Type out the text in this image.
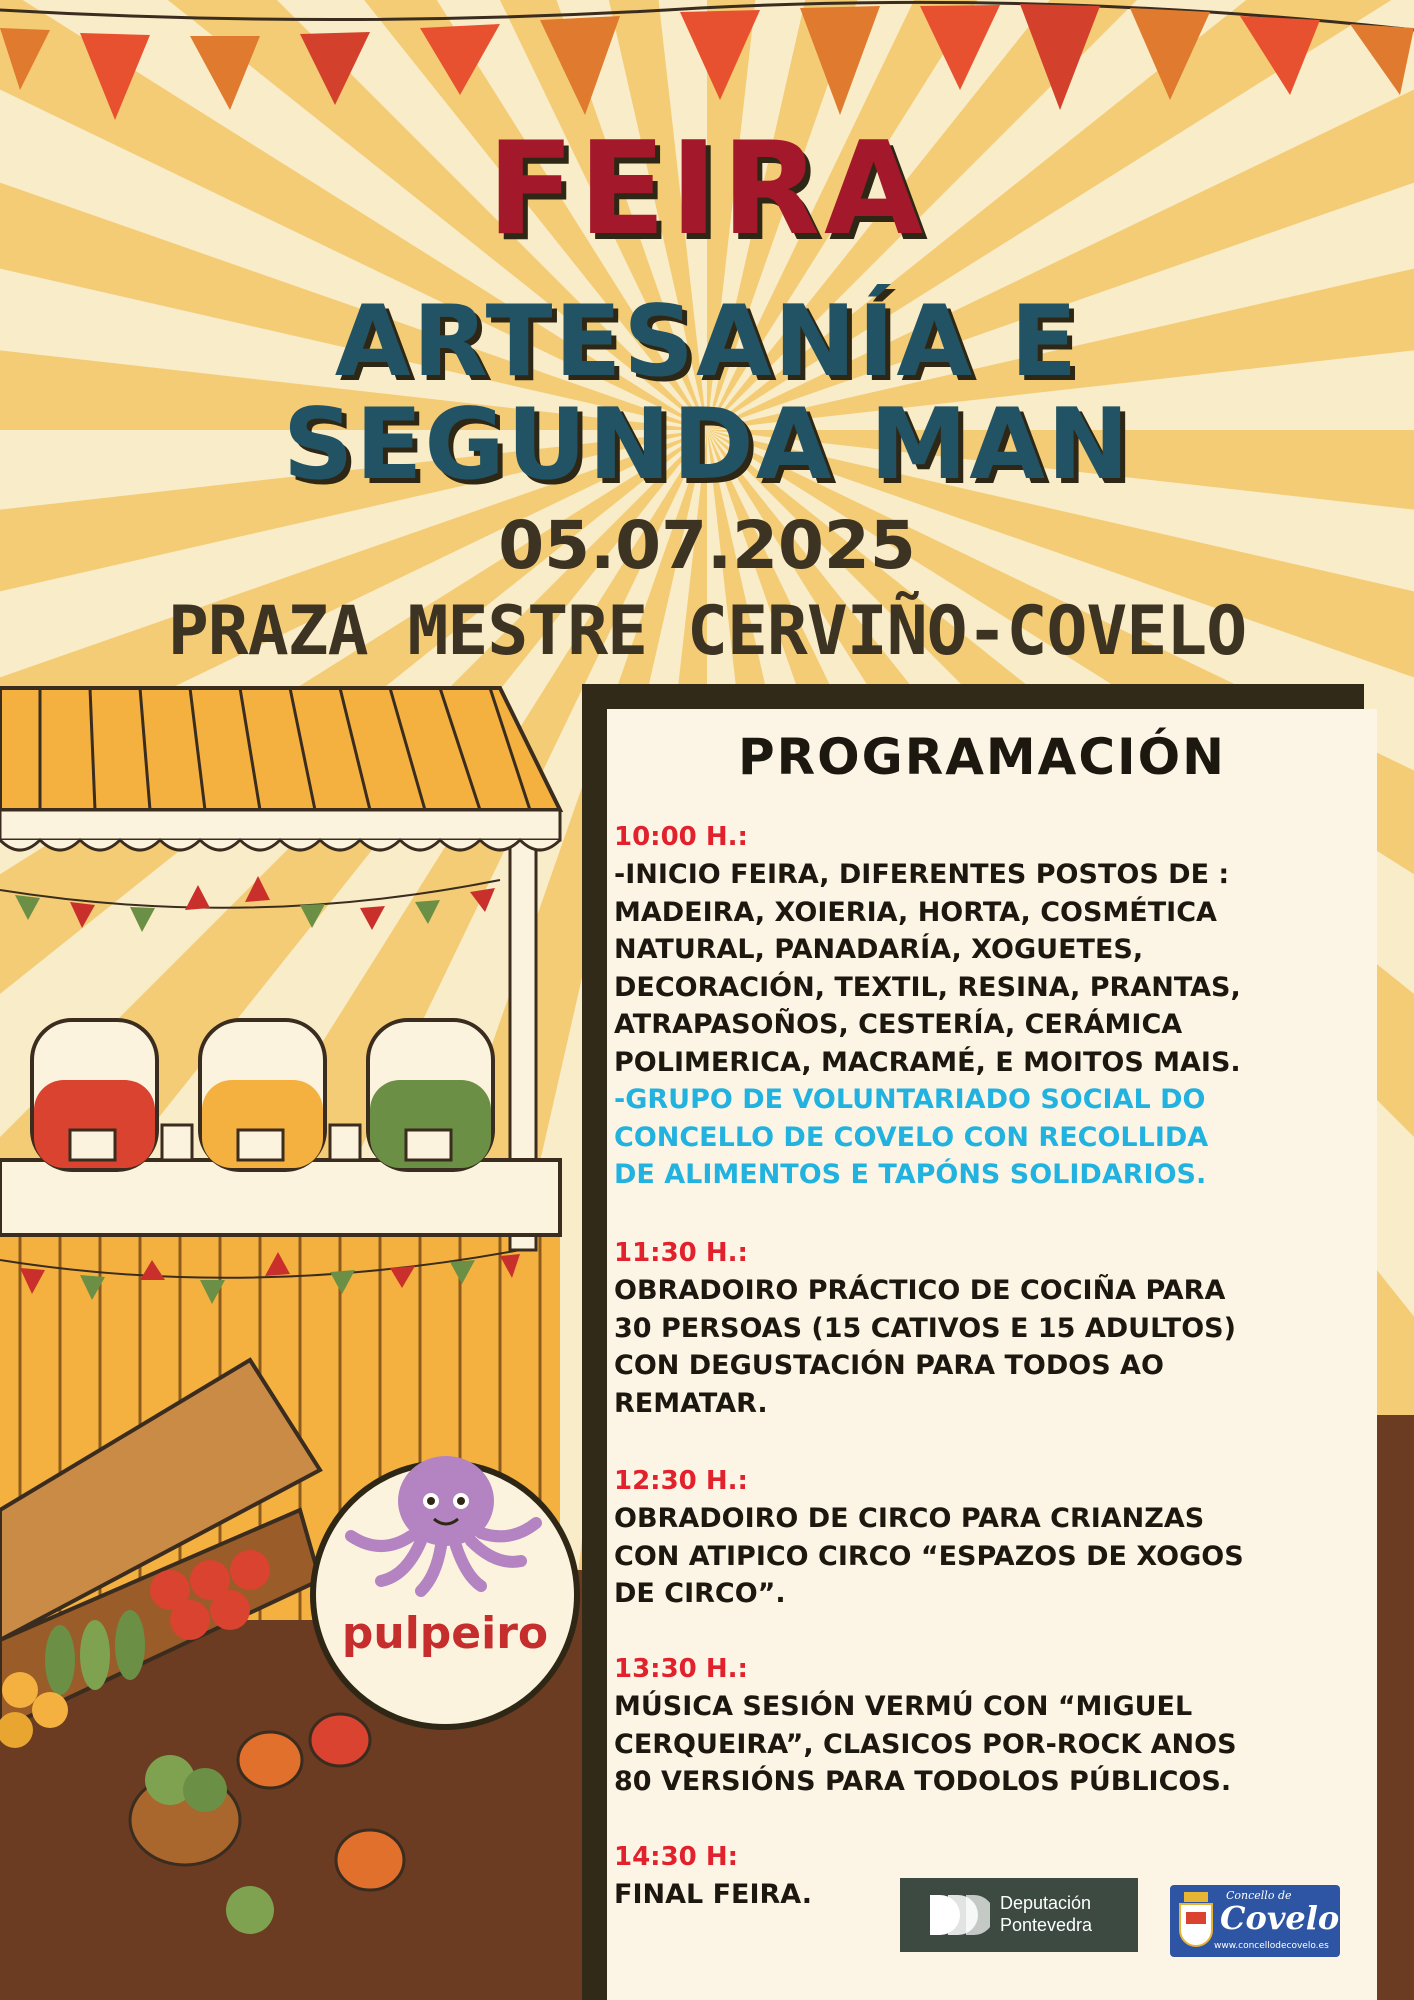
FEIRA
ARTESANÍA E
SEGUNDA MAN
05.07.2025
PRAZA MESTRE CERVIÑO-COVELO
pulpeiro
PROGRAMACIÓN
10:00 H.:
-INICIO FEIRA, DIFERENTES POSTOS DE :
MADEIRA, XOIERIA, HORTA, COSMÉTICA
NATURAL, PANADARÍA, XOGUETES,
DECORACIÓN, TEXTIL, RESINA, PRANTAS,
ATRAPASOÑOS, CESTERÍA, CERÁMICA
POLIMERICA, MACRAMÉ, E MOITOS MAIS.
-GRUPO DE VOLUNTARIADO SOCIAL DO
CONCELLO DE COVELO CON RECOLLIDA
DE ALIMENTOS E TAPÓNS SOLIDARIOS.
11:30 H.:
OBRADOIRO PRÁCTICO DE COCIÑA PARA
30 PERSOAS (15 CATIVOS E 15 ADULTOS)
CON DEGUSTACIÓN PARA TODOS AO
REMATAR.
12:30 H.:
OBRADOIRO DE CIRCO PARA CRIANZAS
CON ATIPICO CIRCO “ESPAZOS DE XOGOS
DE CIRCO”.
13:30 H.:
MÚSICA SESIÓN VERMÚ CON “MIGUEL
CERQUEIRA”, CLASICOS POR-ROCK ANOS
80 VERSIÓNS PARA TODOLOS PÚBLICOS.
14:30 H:
FINAL FEIRA.	Deputación
Pontevedra
Concello de
Covelo
www.concellodecovelo.es
